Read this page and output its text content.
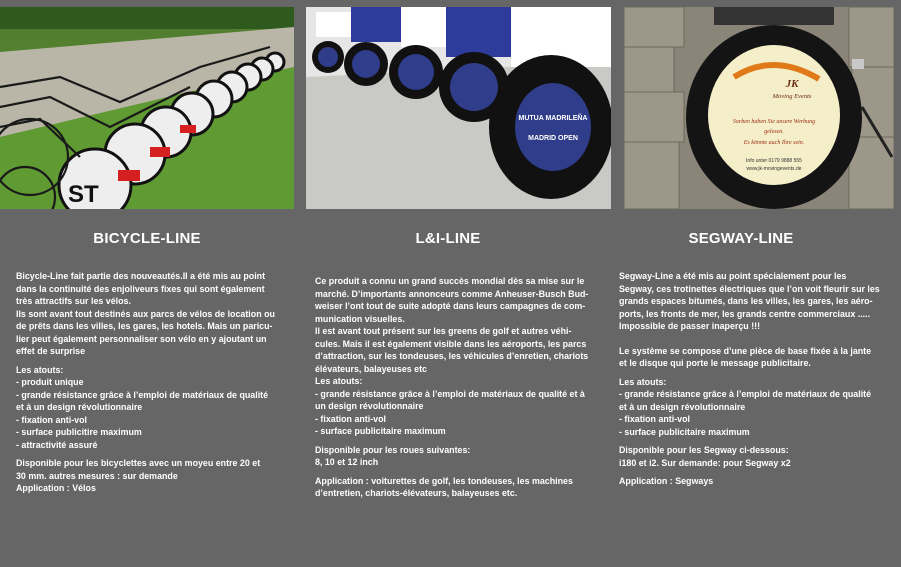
ST
MUTUA MADRILEÑA
MADRID OPEN
JK
Moving Events
Sorben haben Sie unsere Werbung
gelesen.
Es könnte auch Ihre sein.
Info unter 0179 9888 555
www.jk-movingevents.de
BICYCLE-LINE	L&I-LINE	SEGWAY-LINE

Bicycle-Line fait partie des nouveautés.Il a été mis au point

dans la continuité des enjoliveurs fixes qui sont également

très attractifs sur les vélos.

Ils sont avant tout destinés aux parcs de vélos de location ou

de prêts dans les villes, les gares, les hotels. Mais un paricu-

lier peut également personnaliser son vélo en y ajoutant un

effet de surprise

Les atouts:

- produit unique

- grande résistance grâce à l’emploi de matériaux de qualité

et à un design révolutionnaire

- fixation anti-vol

- surface publicitire maximum

- attractivité assuré

Disponible pour les bicyclettes avec un moyeu entre 20 et

30 mm. autres mesures : sur demande

Application : Vélos

Ce produit a connu un grand succès mondial dès sa mise sur le

marché. D’importants annonceurs comme Anheuser-Busch Bud-

weiser l’ont tout de suite adopté dans leurs campagnes de com-

munication visuelles.

Il est avant tout présent sur les greens de golf et autres véhi-

cules. Mais il est également visible dans les aéroports, les parcs

d’attraction, sur les tondeuses, les véhicules d’enretien, chariots

élévateurs, balayeuses etc

Les atouts:

- grande résistance grâce à l’emploi de matériaux de qualité et à

un design révolutionnaire

- fixation anti-vol

- surface publicitaire maximum

Disponible pour les roues suivantes:

8, 10 et 12 inch

Application : voiturettes de golf, les tondeuses, les machines

d’entretien, chariots-élévateurs, balayeuses etc.

Segway-Line a été mis au point spécialement pour les

Segway, ces trotinettes électriques que l’on voit fleurir sur les

grands espaces bitumés, dans les villes, les gares, les aéro-

ports, les fronts de mer, les grands centre commerciaux .....

Impossible de passer inaperçu !!!

Le système se compose d’une pièce de base fixée à la jante

et le disque qui porte le message publicitaire.

Les atouts:

- grande résistance grâce à l’emploi de matériaux de qualité

et à un design révolutionnaire

- fixation anti-vol

- surface publicitaire maximum

Disponible pour les Segway ci-dessous:

i180 et i2. Sur demande: pour Segway x2

Application : Segways
